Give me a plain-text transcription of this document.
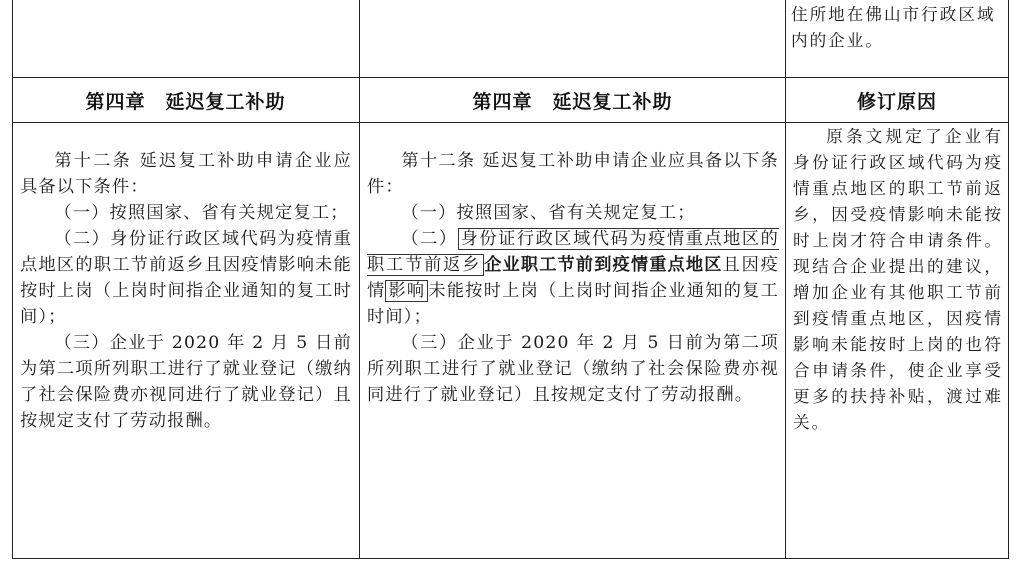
住所地在佛山市行政区域内的企业。
第四章　延迟复工补助	第四章　延迟复工补助	修订原因

第十二条 延迟复工补助申请企业应具备以下条件：

（一）按照国家、省有关规定复工；

（二）身份证行政区域代码为疫情重点地区的职工节前返乡且因疫情影响未能按时上岗（上岗时间指企业通知的复工时间）；

（三）企业于 2020 年 2 月 5 日前为第二项所列职工进行了就业登记（缴纳了社会保险费亦视同进行了就业登记）且按规定支付了劳动报酬。

第十二条 延迟复工补助申请企业应具备以下条件：

（一）按照国家、省有关规定复工；

（二） 身份证行政区域代码为疫情重点地区的职工节前返乡 企业职工节前到疫情重点地区且因疫情 影响 未能按时上岗（上岗时间指企业通知的复工时间）；

（三）企业于 2020 年 2 月 5 日前为第二项所列职工进行了就业登记（缴纳了社会保险费亦视同进行了就业登记）且按规定支付了劳动报酬。

原条文规定了企业有身份证行政区域代码为疫情重点地区的职工节前返乡，因受疫情影响未能按时上岗才符合申请条件。现结合企业提出的建议，增加企业有其他职工节前到疫情重点地区，因疫情影响未能按时上岗的也符合申请条件，使企业享受更多的扶持补贴，渡过难关。
